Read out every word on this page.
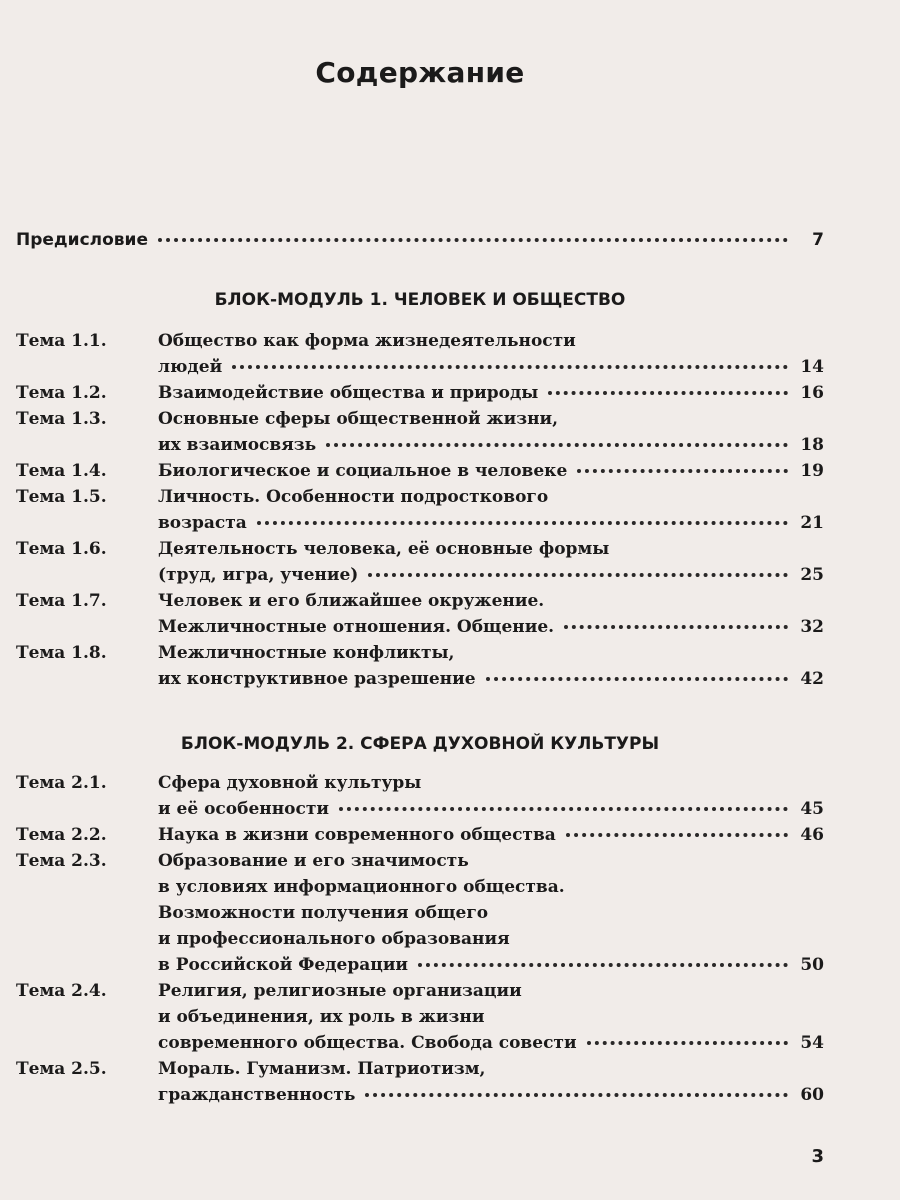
Содержание
Предисловие	7
БЛОК-МОДУЛЬ 1. ЧЕЛОВЕК И ОБЩЕСТВО
Тема 1.1.	Общество как форма жизнедеятельности
людей	14
Тема 1.2.	Взаимодействие общества и природы	16
Тема 1.3.	Основные сферы общественной жизни,
их взаимосвязь	18
Тема 1.4.	Биологическое и социальное в человеке	19
Тема 1.5.	Личность. Особенности подросткового
возраста	21
Тема 1.6.	Деятельность человека, её основные формы
(труд, игра, учение)	25
Тема 1.7.	Человек и его ближайшее окружение.
Межличностные отношения. Общение.	32
Тема 1.8.	Межличностные конфликты,
их конструктивное разрешение	42
БЛОК-МОДУЛЬ 2. СФЕРА ДУХОВНОЙ КУЛЬТУРЫ
Тема 2.1.	Сфера духовной культуры
и её особенности	45
Тема 2.2.	Наука в жизни современного общества	46
Тема 2.3.	Образование и его значимость
в условиях информационного общества.
Возможности получения общего
и профессионального образования
в Российской Федерации	50
Тема 2.4.	Религия, религиозные организации
и объединения, их роль в жизни
современного общества. Свобода совести	54
Тема 2.5.	Мораль. Гуманизм. Патриотизм,
гражданственность	60
3
